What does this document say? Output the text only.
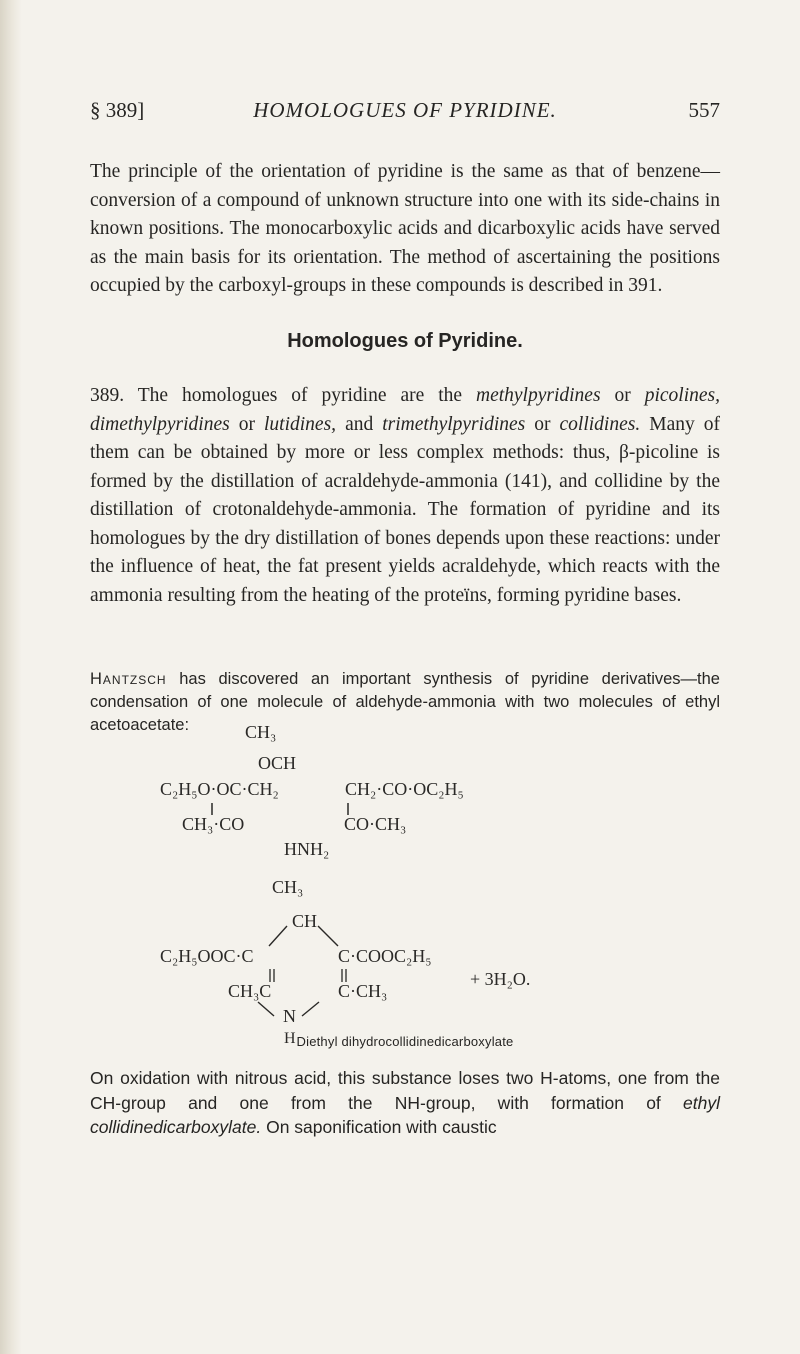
§ 389]	HOMOLOGUES OF PYRIDINE.	557

The principle of the orientation of pyridine is the same as that of benzene—conversion of a compound of unknown structure into one with its side-chains in known positions. The monocarboxylic acids and dicarboxylic acids have served as the main basis for its orientation. The method of ascertaining the positions occupied by the carboxyl-groups in these compounds is described in 391.

Homologues of Pyridine.

389. The homologues of pyridine are the methylpyridines or picolines, dimethylpyridines or lutidines, and trimethylpyridines or collidines. Many of them can be obtained by more or less complex methods: thus, β-picoline is formed by the distillation of acraldehyde-ammonia (141), and collidine by the distillation of crotonaldehyde-ammonia. The formation of pyridine and its homologues by the dry distillation of bones depends upon these reactions: under the influence of heat, the fat present yields acraldehyde, which reacts with the ammonia resulting from the heating of the proteïns, forming pyridine bases.

Hantzsch has discovered an important synthesis of pyridine derivatives—the condensation of one molecule of aldehyde-ammonia with two molecules of ethyl acetoacetate:	CH₃
OCH
C₂H₅O·OC·CH₂	CH₂·CO·OC₂H₅
CH₃·CO	CO·CH₃
HNH₂
CH₃
CH
C₂H₅OOC·C	C·COOC₂H₅
+ 3H₂O.
CH₃C	C·CH₃
N
H Diethyl dihydrocollidinedicarboxylate

On oxidation with nitrous acid, this substance loses two H-atoms, one from the CH-group and one from the NH-group, with formation of ethyl collidinedicarboxylate. On saponification with caustic
